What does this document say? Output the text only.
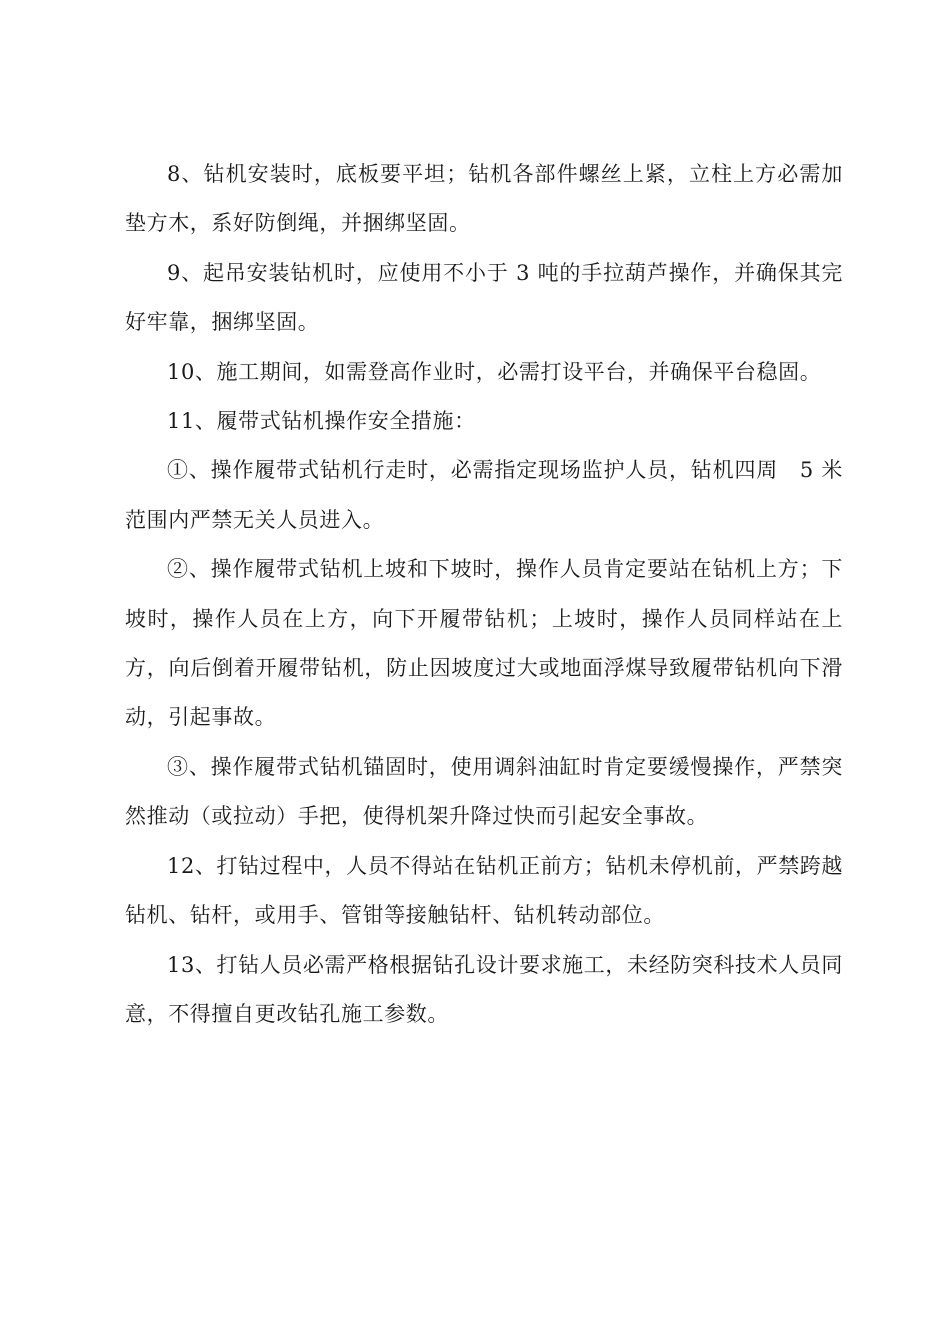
8、钻机安装时，底板要平坦；钻机各部件螺丝上紧，立柱上方必需加垫方木，系好防倒绳，并捆绑坚固。

9、起吊安装钻机时，应使用不小于 3 吨的手拉葫芦操作，并确保其完好牢靠，捆绑坚固。

10、施工期间，如需登高作业时，必需打设平台，并确保平台稳固。

11、履带式钻机操作安全措施：

①、操作履带式钻机行走时，必需指定现场监护人员，钻机四周　5 米范围内严禁无关人员进入。

②、操作履带式钻机上坡和下坡时，操作人员肯定要站在钻机上方；下坡时，操作人员在上方，向下开履带钻机；上坡时，操作人员同样站在上方，向后倒着开履带钻机，防止因坡度过大或地面浮煤导致履带钻机向下滑动，引起事故。

③、操作履带式钻机锚固时，使用调斜油缸时肯定要缓慢操作，严禁突然推动（或拉动）手把，使得机架升降过快而引起安全事故。

12、打钻过程中，人员不得站在钻机正前方；钻机未停机前，严禁跨越钻机、钻杆，或用手、管钳等接触钻杆、钻机转动部位。

13、打钻人员必需严格根据钻孔设计要求施工，未经防突科技术人员同意，不得擅自更改钻孔施工参数。
